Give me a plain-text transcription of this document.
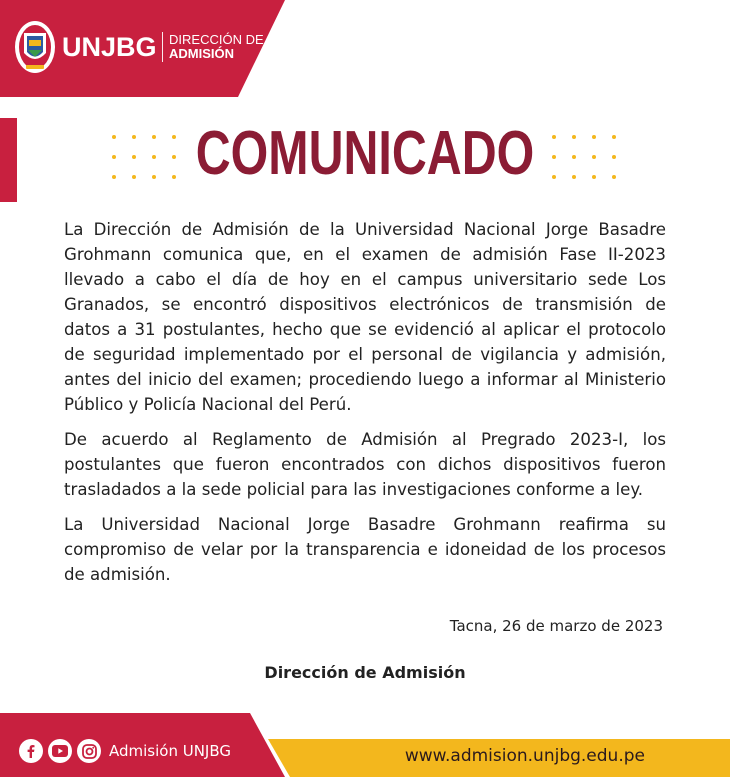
UNJBG DIRECCIÓN DE
ADMISIÓN
COMUNICADO

La Dirección de Admisión de la Universidad Nacional Jorge Basadre Grohmann comunica que, en el examen de admisión Fase II-2023 llevado a cabo el día de hoy en el campus universitario sede Los Granados, se encontró dispositivos electrónicos de transmisión de datos a 31 postulantes, hecho que se evidenció al aplicar el protocolo de seguridad implementado por el personal de vigilancia y admisión, antes del inicio del examen; procediendo luego a informar al Ministerio Público y Policía Nacional del Perú.

De acuerdo al Reglamento de Admisión al Pregrado 2023-I, los postulantes que fueron encontrados con dichos dispositivos fueron trasladados a la sede policial para las investigaciones conforme a ley.

La Universidad Nacional Jorge Basadre Grohmann reafirma su compromiso de velar por la transparencia e idoneidad de los procesos de admisión.

Tacna, 26 de marzo de 2023
Dirección de Admisión
Admisión UNJBG	www.admision.unjbg.edu.pe
